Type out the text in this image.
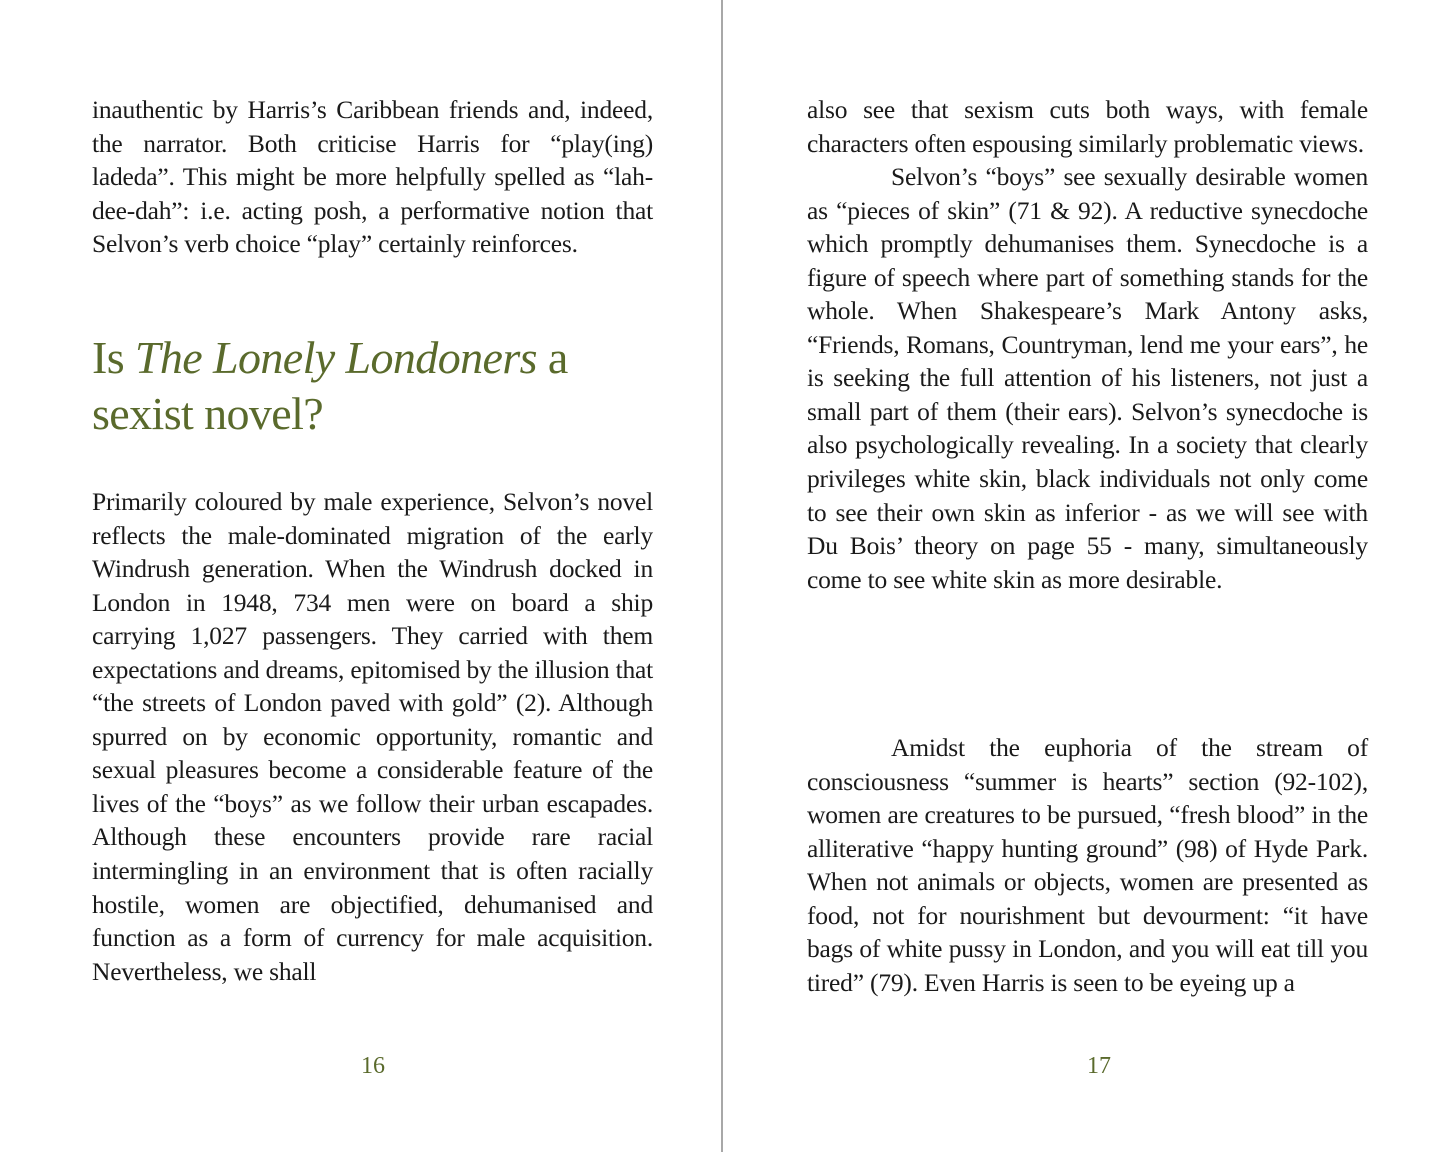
inauthentic by Harris’s Caribbean friends and, indeed, the narrator. Both criticise Harris for “play(ing) ladeda”. This might be more helpfully spelled as “lah-dee-dah”: i.e. acting posh, a performative notion that Selvon’s verb choice “play” certainly reinforces.

Is The Lonely Londoners a sexist novel?

Primarily coloured by male experience, Selvon’s novel reflects the male-dominated migration of the early Windrush generation. When the Windrush docked in London in 1948, 734 men were on board a ship carrying 1,027 passengers. They carried with them expectations and dreams, epitomised by the illusion that “the streets of London paved with gold” (2). Although spurred on by economic opportunity, romantic and sexual pleasures become a considerable feature of the lives of the “boys” as we follow their urban escapades. Although these encounters provide rare racial intermingling in an environment that is often racially hostile, women are objectified, dehumanised and function as a form of currency for male acquisition. Nevertheless, we shall

16

also see that sexism cuts both ways, with female characters often espousing similarly problematic views.

Selvon’s “boys” see sexually desirable women as “pieces of skin” (71 & 92). A reductive synecdoche which promptly dehumanises them. Synecdoche is a figure of speech where part of something stands for the whole. When Shakespeare’s Mark Antony asks, “Friends, Romans, Countryman, lend me your ears”, he is seeking the full attention of his listeners, not just a small part of them (their ears). Selvon’s synecdoche is also psychologically revealing. In a society that clearly privileges white skin, black individuals not only come to see their own skin as inferior - as we will see with Du Bois’ theory on page 55 - many, simultaneously come to see white skin as more desirable.

Amidst the euphoria of the stream of consciousness “summer is hearts” section (92-102), women are creatures to be pursued, “fresh blood” in the alliterative “happy hunting ground” (98) of Hyde Park. When not animals or objects, women are presented as food, not for nourishment but devourment: “it have bags of white pussy in London, and you will eat till you tired” (79). Even Harris is seen to be eyeing up a

17
